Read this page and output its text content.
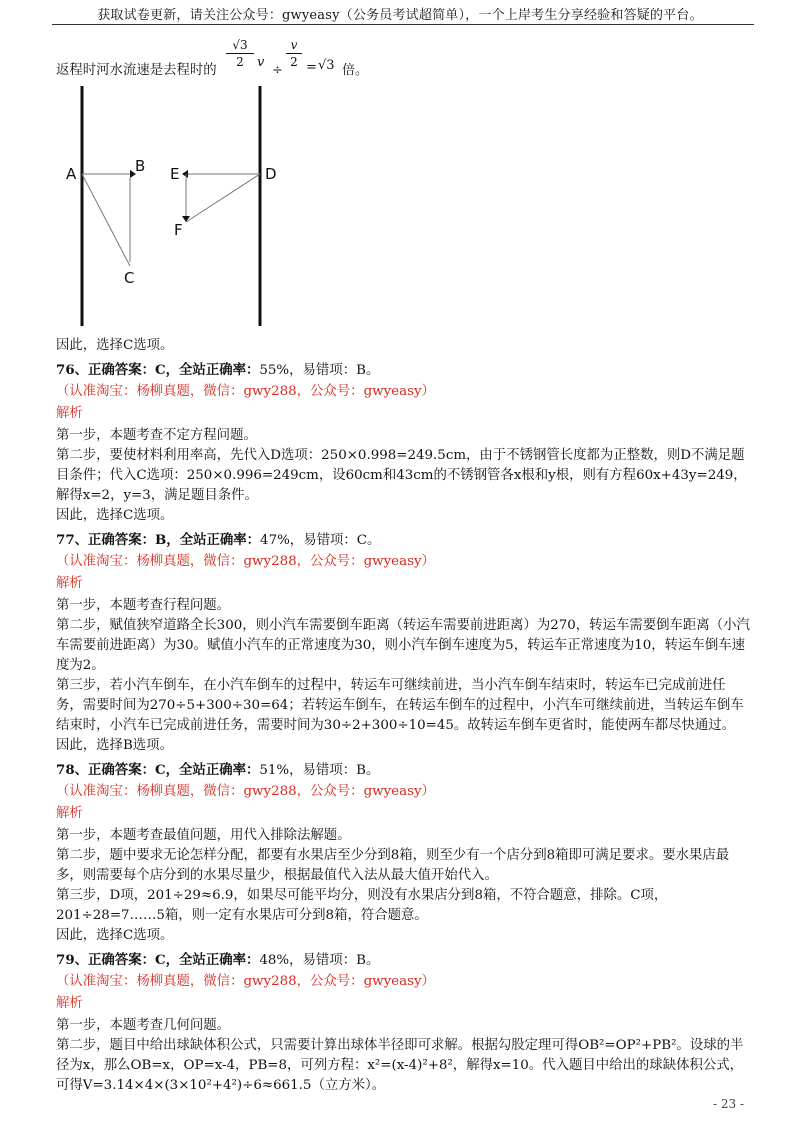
获取试卷更新，请关注公众号：gwyeasy（公务员考试超简单），一个上岸考生分享经验和答疑的平台。
返程时河水流速是去程时的
√3
2	v
÷
v
2 = √3 倍。
A	B
C
D
E
F

因此，选择C选项。

76、正确答案：C，全站正确率：55%，易错项：B。（认准淘宝：杨柳真题，微信：gwy288，公众号：gwyeasy）

解析

第一步，本题考查不定方程问题。

第二步，要使材料利用率高，先代入D选项：250×0.998=249.5cm，由于不锈钢管长度都为正整数，则D不满足题目条件；代入C选项：250×0.996=249cm，设60cm和43cm的不锈钢管各x根和y根，则有方程60x+43y=249，解得x=2，y=3，满足题目条件。

因此，选择C选项。

77、正确答案：B，全站正确率：47%，易错项：C。（认准淘宝：杨柳真题，微信：gwy288，公众号：gwyeasy）

解析

第一步，本题考查行程问题。

第二步，赋值狭窄道路全长300，则小汽车需要倒车距离（转运车需要前进距离）为270，转运车需要倒车距离（小汽车需要前进距离）为30。赋值小汽车的正常速度为30，则小汽车倒车速度为5，转运车正常速度为10，转运车倒车速度为2。

第三步，若小汽车倒车，在小汽车倒车的过程中，转运车可继续前进，当小汽车倒车结束时，转运车已完成前进任务，需要时间为270÷5+300÷30=64；若转运车倒车，在转运车倒车的过程中，小汽车可继续前进，当转运车倒车结束时，小汽车已完成前进任务，需要时间为30÷2+300÷10=45。故转运车倒车更省时，能使两车都尽快通过。

因此，选择B选项。

78、正确答案：C，全站正确率：51%，易错项：B。（认准淘宝：杨柳真题，微信：gwy288，公众号：gwyeasy）

解析

第一步，本题考查最值问题，用代入排除法解题。

第二步，题中要求无论怎样分配，都要有水果店至少分到8箱，则至少有一个店分到8箱即可满足要求。要水果店最多，则需要每个店分到的水果尽量少，根据最值代入法从最大值开始代入。

第三步，D项，201÷29≈6.9，如果尽可能平均分，则没有水果店分到8箱，不符合题意，排除。C项，201÷28=7……5箱，则一定有水果店可分到8箱，符合题意。

因此，选择C选项。

79、正确答案：C，全站正确率：48%，易错项：B。（认准淘宝：杨柳真题，微信：gwy288，公众号：gwyeasy）

解析

第一步，本题考查几何问题。

第二步，题目中给出球缺体积公式，只需要计算出球体半径即可求解。根据勾股定理可得OB²=OP²+PB²。设球的半径为x，那么OB=x，OP=x-4，PB=8，可列方程：x²=(x-4)²+8²，解得x=10。代入题目中给出的球缺体积公式，可得V=3.14×4×(3×10²+4²)÷6≈661.5（立方米）。

- 23 -
